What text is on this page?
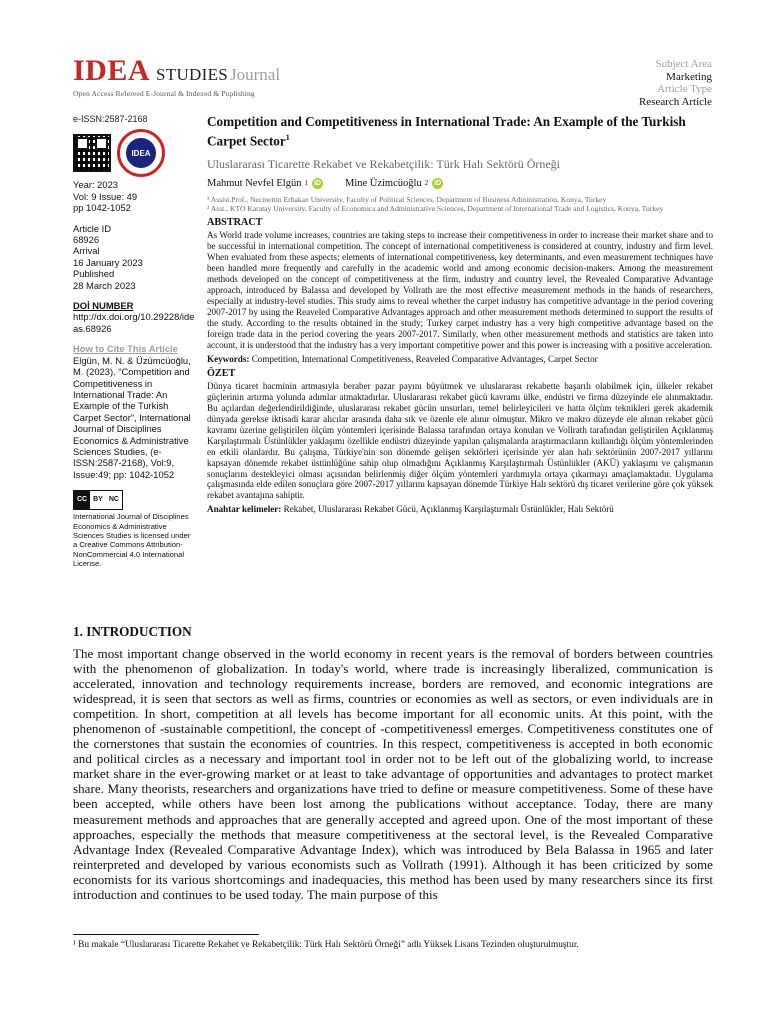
IDEA STUDIES Journal
Open Access Refereed E-Journal & Indexed & Puplishing
Subject Area
Marketing
Article Type
Research Article
e-ISSN:2587-2168
IDEA
Year: 2023
Vol: 9 Issue: 49
pp 1042-1052
Article ID
68926
Arrival
16 January 2023
Published
28 March 2023
DOİ NUMBER
http://dx.doi.org/10.29228/ideas.68926
How to Cite This Article
Elgün, M. N. & Üzümcüoğlu, M. (2023). “Competition and Competitiveness in International Trade: An Example of the Turkish Carpet Sector”, International Journal of Disciplines Economics & Administrative Sciences Studies, (e-ISSN:2587-2168), Vol:9, Issue:49; pp: 1042-1052
CC BY NC
International Journal of Disciplines Economics & Administrative Sciences Studies is licensed under a Creative Commons Attribution-NonCommercial 4.0 International License.
Competition and Competitiveness in International Trade: An Example of the Turkish Carpet Sector$^1$
Uluslararası Ticarette Rekabet ve Rekabetçilik: Türk Halı Sektörü Örneği
Mahmut Nevfel Elgün 1 iD Mine Üzimcüoğlu 2 iD
¹ Assist.Prof., Necmettin Erbakan University, Faculty of Political Sciences, Department of Business Administration, Konya, Turkey
² Asst., KTO Karatay University, Faculty of Economics and Administrative Sciences, Department of International Trade and Logistics, Konya, Turkey
ABSTRACT
As World trade volume increases, countries are taking steps to increase their competitiveness in order to increase their market share and to be successful in international competition. The concept of international competitiveness is considered at country, industry and firm level. When evaluated from these aspects; elements of international competitiveness, key determinants, and even measurement techniques have been handled more frequently and carefully in the academic world and among economic decision-makers. Among the measurement methods developed on the concept of competitiveness at the firm, industry and country level, the Revealed Comparative Advantage approach, introduced by Balassa and developed by Vollrath are the most effective measurement methods in the hands of researchers, especially at industry-level studies. This study aims to reveal whether the carpet industry has competitive advantage in the period covering 2007-2017 by using the Reaveled Comparative Advantages approach and other measurement methods determined to support the results of the study. According to the results obtained in the study; Turkey carpet industry has a very high competitive advantage based on the foreign trade data in the period covering the years 2007-2017. Similarly, when other measurement methods and statistics are taken into account, it is understood that the industry has a very important competitive power and this power is increasing with a positive acceleration.
Keywords: Competition, International Competitiveness, Reaveled Comparative Advantages, Carpet Sector
ÖZET
Dünya ticaret hacminin artmasıyla beraber pazar payını büyütmek ve uluslararası rekabette başarılı olabilmek için, ülkeler rekabet güçlerinin artırma yolunda adımlar atmaktadırlar. Uluslararası rekabet gücü kavramı ülke, endüstri ve firma düzeyinde ele alınmaktadır. Bu açılardan değerlendirildiğinde, uluslararası rekabet gücün unsurları, temel belirleyicileri ve hatta ölçüm teknikleri gerek akademik dünyada gerekse iktisadi karar alıcılar arasında daha sık ve özenle ele alınır olmuştur. Mikro ve makro düzeyde ele alınan rekabet gücü kavramı üzerine geliştirilen ölçüm yöntemleri içerisinde Balassa tarafından ortaya konulan ve Vollrath tarafından geliştirilen Açıklanmış Karşılaştırmalı Üstünlükler yaklaşımı özellikle endüstri düzeyinde yapılan çalışmalarda araştırmacıların kullandığı ölçüm yöntemlerinden en etkili olanlardır. Bu çalışma, Türkiye'nin son dönemde gelişen sektörleri içerisinde yer alan halı sektörünün 2007-2017 yıllarını kapsayan dönemde rekabet üstünlüğüne sahip olup olmadığını Açıklanmış Karşılaştırmalı Üstünlükler (AKÜ) yaklaşımı ve çalışmanın sonuçlarını destekleyici olması açısından belirlenmiş diğer ölçüm yöntemleri yardımıyla ortaya çıkarmayı amaçlamaktadır. Uygulama çalışmasında elde edilen sonuçlara göre 2007-2017 yıllarını kapsayan dönemde Türkiye Halı sektörü dış ticaret verilerine göre çok yüksek rekabet avantajına sahiptir.
Anahtar kelimeler: Rekabet, Uluslararası Rekabet Gücü, Açıklanmış Karşılaştırmalı Üstünlükler, Halı Sektörü
1. INTRODUCTION
The most important change observed in the world economy in recent years is the removal of borders between countries with the phenomenon of globalization. In today's world, where trade is increasingly liberalized, communication is accelerated, innovation and technology requirements increase, borders are removed, and economic integrations are widespread, it is seen that sectors as well as firms, countries or economies as well as sectors, or even individuals are in competition. In short, competition at all levels has become important for all economic units. At this point, with the phenomenon of -sustainable competition‖, the concept of -competitiveness‖ emerges. Competitiveness constitutes one of the cornerstones that sustain the economies of countries. In this respect, competitiveness is accepted in both economic and political circles as a necessary and important tool in order not to be left out of the globalizing world, to increase market share in the ever-growing market or at least to take advantage of opportunities and advantages to protect market share. Many theorists, researchers and organizations have tried to define or measure competitiveness. Some of these have been accepted, while others have been lost among the publications without acceptance. Today, there are many measurement methods and approaches that are generally accepted and agreed upon. One of the most important of these approaches, especially the methods that measure competitiveness at the sectoral level, is the Revealed Comparative Advantage Index (Revealed Comparative Advantage Index), which was introduced by Bela Balassa in 1965 and later reinterpreted and developed by various economists such as Vollrath (1991). Although it has been criticized by some economists for its various shortcomings and inadequacies, this method has been used by many researchers since its first introduction and continues to be used today. The main purpose of this
¹ Bu makale “Uluslararası Ticarette Rekabet ve Rekabetçilik: Türk Halı Sektörü Örneği” adlı Yüksek Lisans Tezinden oluşturulmuştur.
